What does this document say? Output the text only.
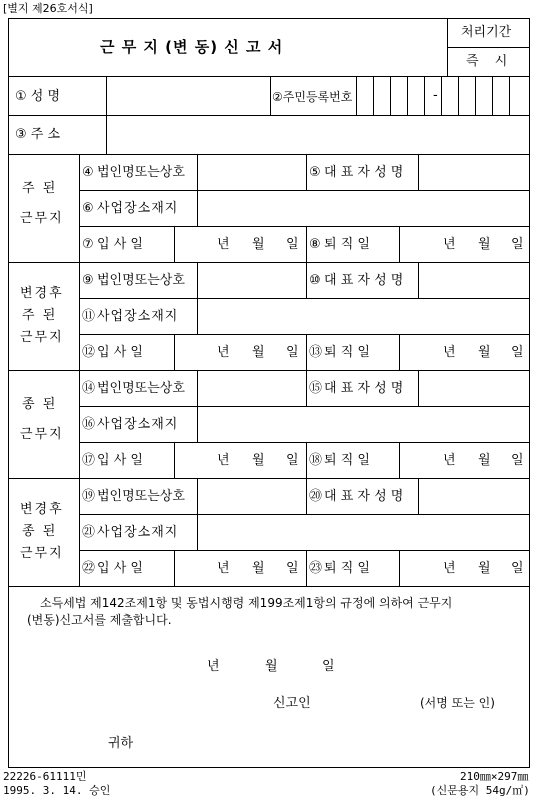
[별지 제26호서식]
근 무 지 (변 동) 신 고 서
처리기간
즉 시
① 성 명	②주민등록번호	-
③ 주 소
주 된
근무지
④ 법인명또는상호	⑤ 대 표 자 성 명
⑥ 사업장소재지
⑦ 입 사 일	년 월 일 ⑧ 퇴 직 일	년 월 일
변경후
주 된
근무지
⑨ 법인명또는상호	⑩ 대 표 자 성 명
⑪ 사업장소재지
⑫ 입 사 일	년 월 일 ⑬ 퇴 직 일	년 월 일
종 된
근무지
⑭ 법인명또는상호	⑮ 대 표 자 성 명
⑯ 사업장소재지
⑰ 입 사 일	년 월 일 ⑱ 퇴 직 일	년 월 일
변경후
종 된
근무지
⑲ 법인명또는상호	⑳ 대 표 자 성 명
㉑ 사업장소재지
㉒ 입 사 일	년 월 일 ㉓ 퇴 직 일	년 월 일
소득세법 제142조제1항 및 동법시행령 제199조제1항의 규정에 의하여 근무지
(변동)신고서를 제출합니다.
년	월	일
신고인	(서명 또는 인)
귀하
22226-61111민
1995. 3. 14. 승인
210㎜×297㎜
(신문용지 54g/㎡)
